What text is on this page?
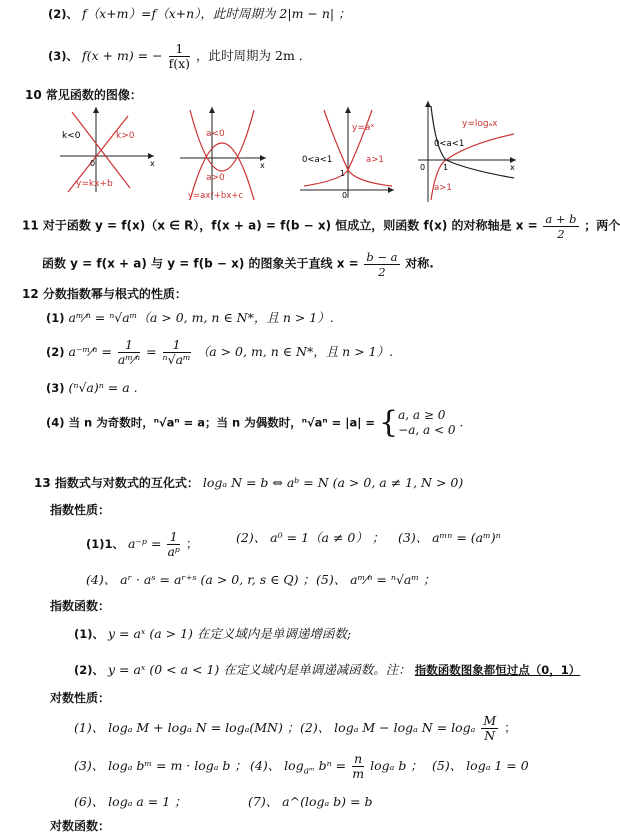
(2)、 f（x+m）=f（x+n），此时周期为 2|m − n| ；
(3)、 f(x + m) = − $\frac{1}{f(x)}$ ，此时周期为 2m ．
10 常见函数的图像：
k<0	k>0
y=kx+b
x
0
a<0
a>0
y=ax²+bx+c
x
y=aˣ
0<a<1	a>1
1
0
y=logₐx
0<a<1
a>1
1	x
0
11 对于函数 y = f(x)（x ∈ R），f(x + a) = f(b − x) 恒成立，则函数 f(x) 的对称轴是 $x = \frac{a + b}{2}$ ；两个
函数 y = f(x + a) 与 y = f(b − x) 的图象关于直线 $x = \frac{b - a}{2}$ 对称.
12 分数指数幂与根式的性质：
(1) aᵐ⁄ⁿ = ⁿ√aᵐ（a > 0, m, n ∈ N*，且 n > 1）.
(2) a⁻ᵐ⁄ⁿ = $\frac{1}{\text{aᵐ⁄ⁿ}} = \frac{1}{\text{ⁿ√aᵐ}} (a > 0$, m, n ∈ N*，且 n > 1）.
(3) (ⁿ√a)ⁿ = a .
(4) 当 n 为奇数时，ⁿ√aⁿ = a；当 n 为偶数时，ⁿ√aⁿ = |a| = { a, a ≥ 0
−a, a < 0
.
13 指数式与对数式的互化式： logₐ N = b ⇔ aᵇ = N (a > 0, a ≠ 1, N > 0)
指数性质：
(1)1、 a⁻ᵖ = $\frac{1}{\text{aᵖ}}$ ；	(2)、 a⁰ = 1（a ≠ 0） ； (3)、 aᵐⁿ = (aᵐ)ⁿ
(4)、 aʳ · aˢ = aʳ⁺ˢ (a > 0, r, s ∈ Q) ； (5)、 aᵐ⁄ⁿ = ⁿ√aᵐ ；
指数函数：
(1)、 y = aˣ (a > 1) 在定义域内是单调递增函数;
(2)、 y = aˣ (0 < a < 1) 在定义域内是单调递减函数。注： 指数函数图象都恒过点（0，1）
对数性质：
(1)、 logₐ M + logₐ N = logₐ(MN) ； (2)、 logₐ M − logₐ N = logₐ $\frac{M}{N}$ ；
(3)、 logₐ bᵐ = m · logₐ b ； (4)、 $\log_{aᵐ} b^n = \frac{n}{m}$ logₐ b ； (5)、 logₐ 1 = 0
(6)、 logₐ a = 1 ；	(7)、 a^(logₐ b) = b
对数函数：
